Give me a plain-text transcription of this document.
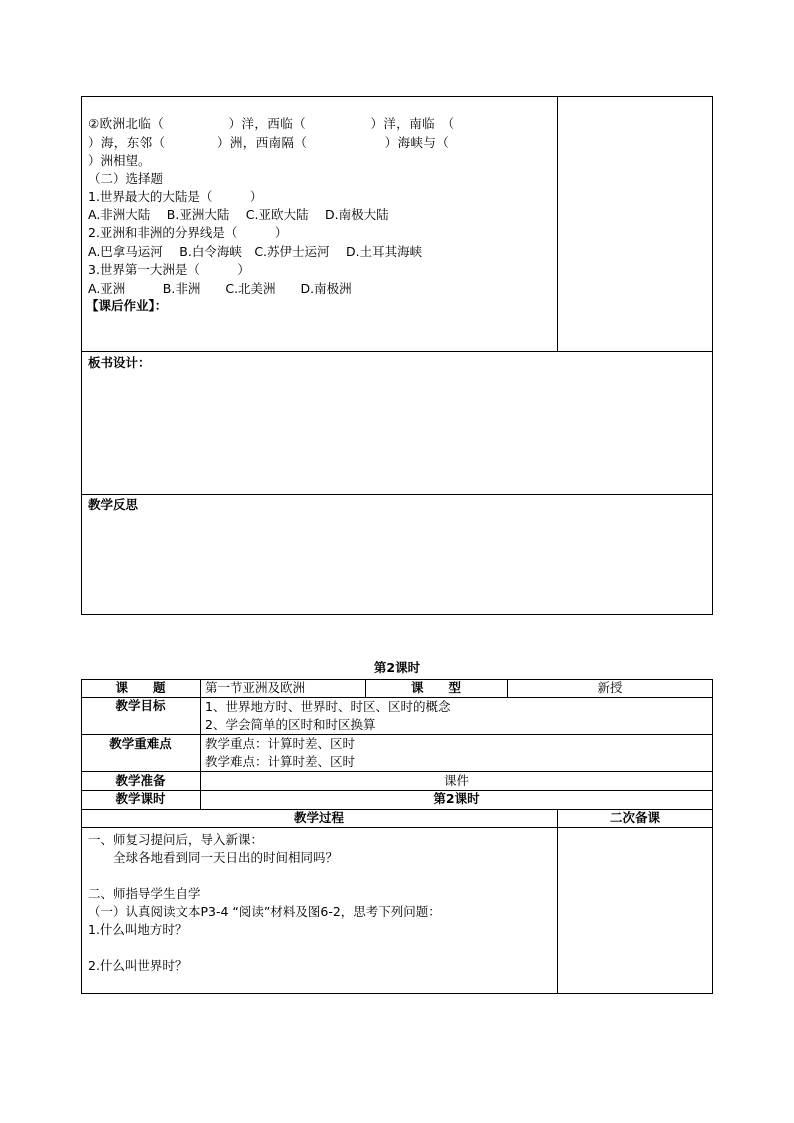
②欧洲北临（　　　　　）洋，西临（　　　　　）洋，南临　（
）海，东邻（　　　　）洲，西南隔（　　　　　　）海峡与（
）洲相望。
（二）选择题
1.世界最大的大陆是（　　　）
A.非洲大陆　 B.亚洲大陆　 C.亚欧大陆　 D.南极大陆
2.亚洲和非洲的分界线是（　　　）
A.巴拿马运河　 B.白令海峡　C.苏伊士运河　 D.土耳其海峡
3.世界第一大洲是（　　　）
A.亚洲　　　B.非洲　　C.北美洲　　D.南极洲
【课后作业】：
板书设计：
教学反思
第2课时
课　　题	第一节亚洲及欧洲	课　　型	新授
教学目标	1、世界地方时、世界时、时区、区时的概念
2、学会简单的区时和时区换算
教学重难点	教学重点：计算时差、区时
教学难点：计算时差、区时
教学准备	课件
教学课时	第2课时
教学过程	二次备课
一、师复习提问后，导入新课：
　　全球各地看到同一天日出的时间相同吗？
二、师指导学生自学
（一）认真阅读文本P3-4 “阅读”材料及图6-2，思考下列问题：
1.什么叫地方时？
2.什么叫世界时？
